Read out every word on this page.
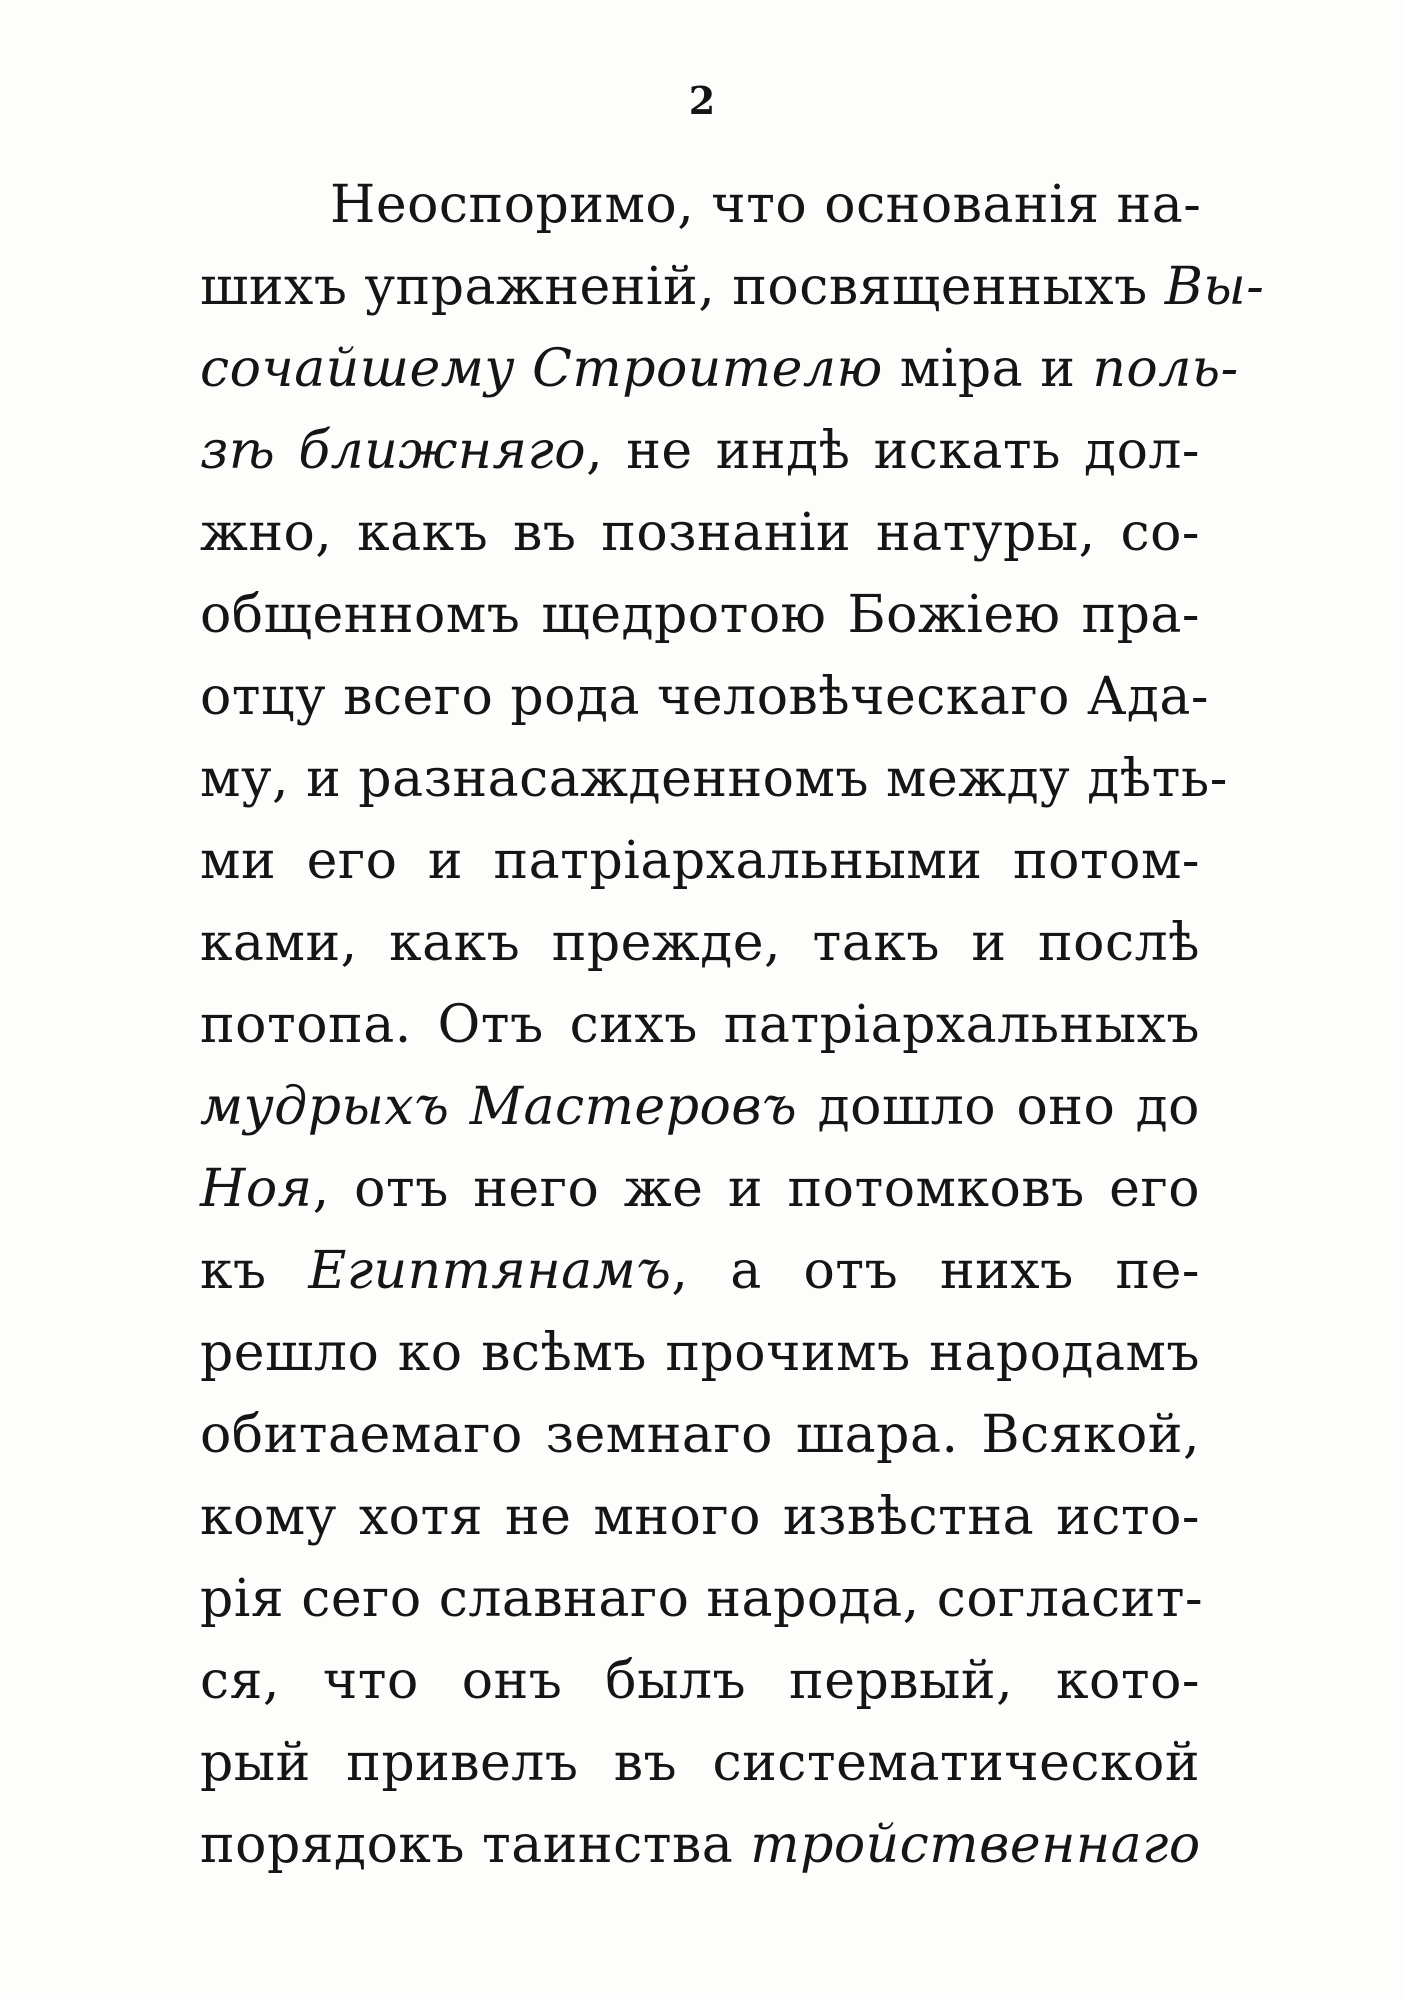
2
Неоспоримо, что основанія на-
шихъ упражненій, посвященныхъ Вы-
сочайшему Строителю міра и поль-
зѣ ближняго, не индѣ искать дол-
жно, какъ въ познаніи натуры, со-
общенномъ щедротою Божіею пра-
отцу всего рода человѣческаго Ада-
му, и разнасажденномъ между дѣть-
ми его и патріархальными потом-
ками, какъ прежде, такъ и послѣ
потопа. Отъ сихъ патріархальныхъ
мудрыхъ Мастеровъ дошло оно до
Ноя, отъ него же и потомковъ его
къ Египтянамъ, а отъ нихъ пе-
решло ко всѣмъ прочимъ народамъ
обитаемаго земнаго шара. Всякой,
кому хотя не много извѣстна исто-
рія сего славнаго народа, согласит-
ся, что онъ былъ первый, кото-
рый привелъ въ систематической
порядокъ таинства тройственнаго
